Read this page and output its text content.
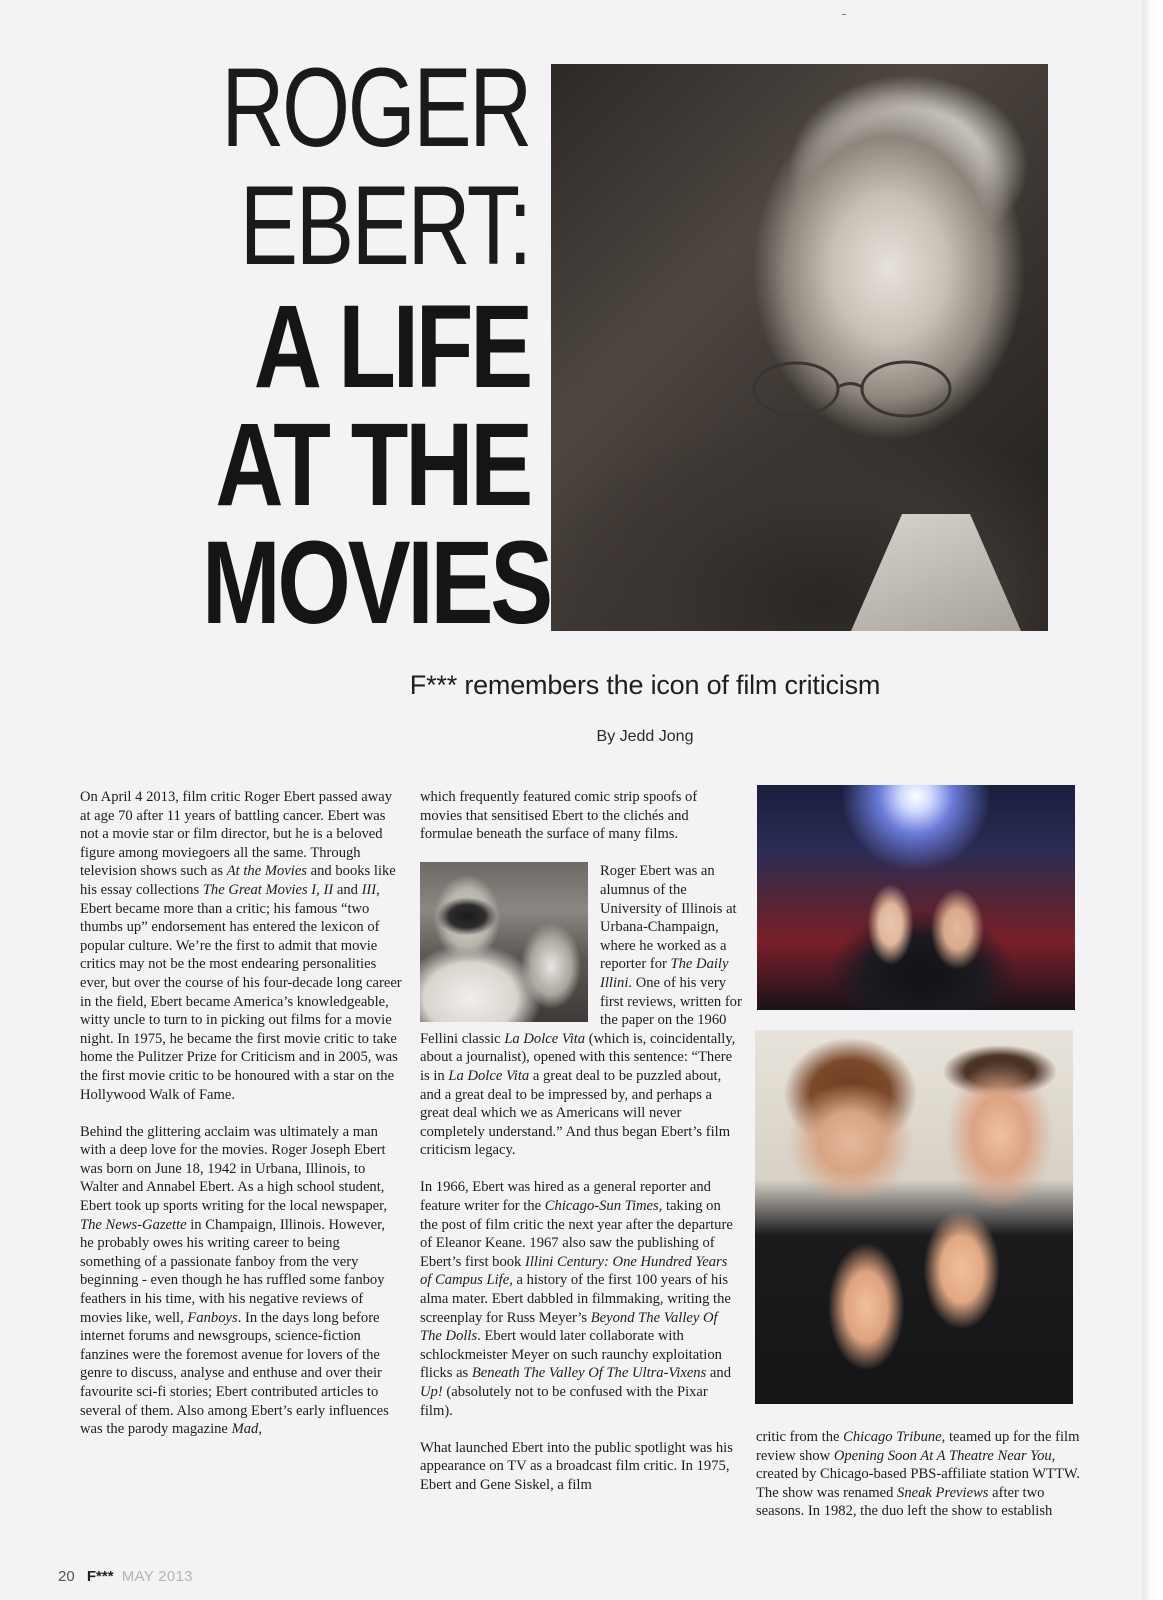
ROGER
EBERT:
A LIFE
AT THE
MOVIES
F*** remembers the icon of film criticism
By Jedd Jong

On April 4 2013, film critic Roger Ebert passed away at age 70 after 11 years of battling cancer. Ebert was not a movie star or film director, but he is a beloved figure among moviegoers all the same. Through television shows such as At the Movies and books like his essay collections The Great Movies I, II and III, Ebert became more than a critic; his famous “two thumbs up” endorsement has entered the lexicon of popular culture. We’re the first to admit that movie critics may not be the most endearing personalities ever, but over the course of his four-decade long career in the field, Ebert became America’s knowledgeable, witty uncle to turn to in picking out films for a movie night. In 1975, he became the first movie critic to take home the Pulitzer Prize for Criticism and in 2005, was the first movie critic to be honoured with a star on the Hollywood Walk of Fame.

Behind the glittering acclaim was ultimately a man with a deep love for the movies. Roger Joseph Ebert was born on June 18, 1942 in Urbana, Illinois, to Walter and Annabel Ebert. As a high school student, Ebert took up sports writing for the local newspaper, The News-Gazette in Champaign, Illinois. However, he probably owes his writing career to being something of a passionate fanboy from the very beginning - even though he has ruffled some fanboy feathers in his time, with his negative reviews of movies like, well, Fanboys. In the days long before internet forums and newsgroups, science-fiction fanzines were the foremost avenue for lovers of the genre to discuss, analyse and enthuse and over their favourite sci-fi stories; Ebert contributed articles to several of them. Also among Ebert’s early influences was the parody magazine Mad,

which frequently featured comic strip spoofs of movies that sensitised Ebert to the clichés and formulae beneath the surface of many films.

Roger Ebert was an alumnus of the University of Illinois at Urbana-Champaign, where he worked as a reporter for The Daily Illini. One of his very first reviews, written for the paper on the 1960 Fellini classic La Dolce Vita (which is, coincidentally, about a journalist), opened with this sentence: “There is in La Dolce Vita a great deal to be puzzled about, and a great deal to be impressed by, and perhaps a great deal which we as Americans will never completely understand.” And thus began Ebert’s film criticism legacy.

In 1966, Ebert was hired as a general reporter and feature writer for the Chicago-Sun Times, taking on the post of film critic the next year after the departure of Eleanor Keane. 1967 also saw the publishing of Ebert’s first book Illini Century: One Hundred Years of Campus Life, a history of the first 100 years of his alma mater. Ebert dabbled in filmmaking, writing the screenplay for Russ Meyer’s Beyond The Valley Of The Dolls. Ebert would later collaborate with schlockmeister Meyer on such raunchy exploitation flicks as Beneath The Valley Of The Ultra-Vixens and Up! (absolutely not to be confused with the Pixar film).

What launched Ebert into the public spotlight was his appearance on TV as a broadcast film critic. In 1975, Ebert and Gene Siskel, a film

critic from the Chicago Tribune, teamed up for the film review show Opening Soon At A Theatre Near You, created by Chicago-based PBS-affiliate station WTTW. The show was renamed Sneak Previews after two seasons. In 1982, the duo left the show to establish

20 F*** MAY 2013
